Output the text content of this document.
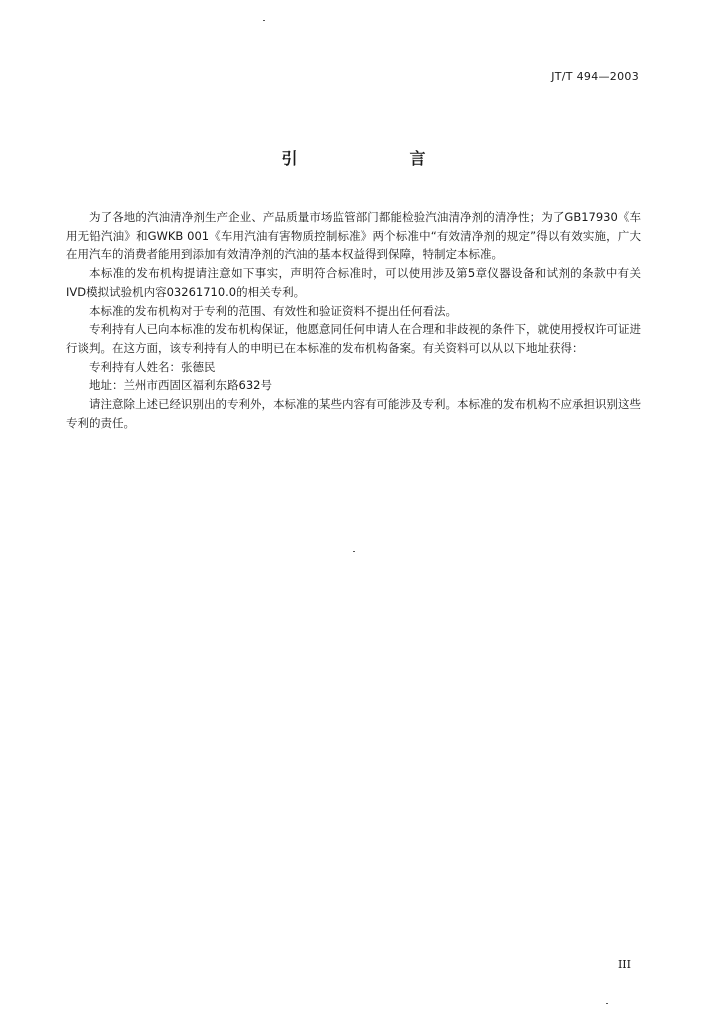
JT/T 494—2003
引　言

为了各地的汽油清净剂生产企业、产品质量市场监管部门都能检验汽油清净剂的清净性；为了GB17930《车用无铅汽油》和GWKB 001《车用汽油有害物质控制标准》两个标准中“有效清净剂的规定”得以有效实施，广大在用汽车的消费者能用到添加有效清净剂的汽油的基本权益得到保障，特制定本标准。

本标准的发布机构提请注意如下事实，声明符合标准时，可以使用涉及第5章仪器设备和试剂的条款中有关IVD模拟试验机内容03261710.0的相关专利。

本标准的发布机构对于专利的范围、有效性和验证资料不提出任何看法。

专利持有人已向本标准的发布机构保证，他愿意同任何申请人在合理和非歧视的条件下，就使用授权许可证进行谈判。在这方面，该专利持有人的申明已在本标准的发布机构备案。有关资料可以从以下地址获得：

专利持有人姓名：张德民

地址：兰州市西固区福利东路632号

请注意除上述已经识别出的专利外，本标准的某些内容有可能涉及专利。本标准的发布机构不应承担识别这些专利的责任。

III
